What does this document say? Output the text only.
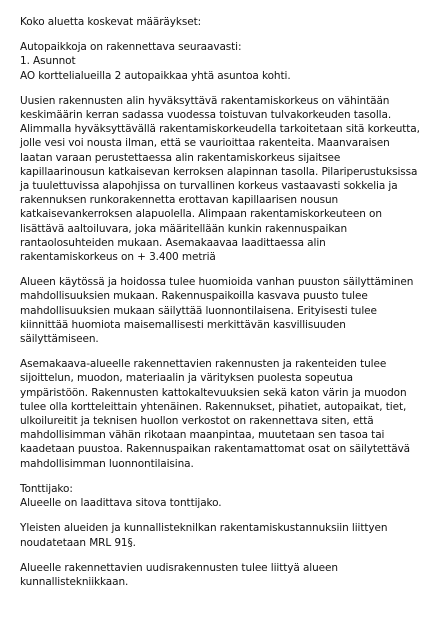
Koko aluetta koskevat määräykset:

Autopaikkoja on rakennettava seuraavasti:
1. Asunnot
AO korttelialueilla 2 autopaikkaa yhtä asuntoa kohti.

Uusien rakennusten alin hyväksyttävä rakentamiskorkeus on vähintään keskimäärin kerran sadassa vuodessa toistuvan tulvakorkeuden tasolla. Alimmalla hyväksyttävällä rakentamiskorkeudella tarkoitetaan sitä korkeutta, jolle vesi voi nousta ilman, että se vaurioittaa rakenteita. Maanvaraisen laatan varaan perustettaessa alin rakentamiskorkeus sijaitsee kapillaarinousun katkaisevan kerroksen alapinnan tasolla. Pilariperustuksissa ja tuulettuvissa alapohjissa on turvallinen korkeus vastaavasti sokkelia ja rakennuksen runkorakennetta erottavan kapillaarisen nousun katkaisevankerroksen alapuolella. Alimpaan rakentamiskorkeuteen on lisättävä aaltoiluvara, joka määritellään kunkin rakennuspaikan rantaolosuhteiden mukaan. Asemakaavaa laadittaessa alin rakentamiskorkeus on + 3.400 metriä

Alueen käytössä ja hoidossa tulee huomioida vanhan puuston säilyttäminen mahdollisuuksien mukaan. Rakennuspaikoilla kasvava puusto tulee mahdollisuuksien mukaan säilyttää luonnontilaisena. Erityisesti tulee kiinnittää huomiota maisemallisesti merkittävän kasvillisuuden säilyttämiseen.

Asemakaava-alueelle rakennettavien rakennusten ja rakenteiden tulee sijoittelun, muodon, materiaalin ja värityksen puolesta sopeutua ympäristöön. Rakennusten kattokaltevuuksien sekä katon värin ja muodon tulee olla kortteleittain yhtenäinen. Rakennukset, pihatiet, autopaikat, tiet, ulkoilureitit ja teknisen huollon verkostot on rakennettava siten, että mahdollisimman vähän rikotaan maanpintaa, muutetaan sen tasoa tai kaadetaan puustoa. Rakennuspaikan rakentamattomat osat on säilytettävä mahdollisimman luonnontilaisina.

Tonttijako:
Alueelle on laadittava sitova tonttijako.

Yleisten alueiden ja kunnallisteknilkan rakentamiskustannuksiin liittyen noudatetaan MRL 91§.

Alueelle rakennettavien uudisrakennusten tulee liittyä alueen kunnallistekniikkaan.
